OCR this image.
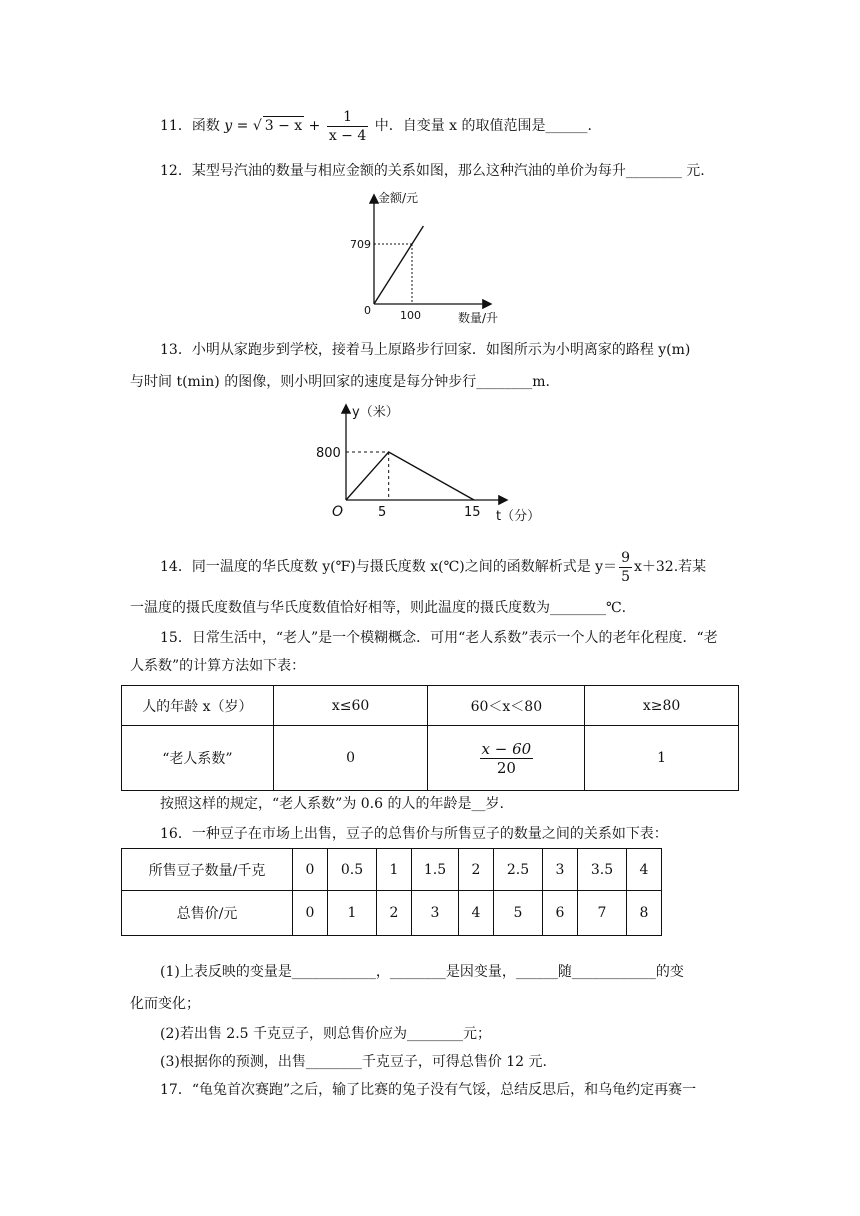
11．函数 y = √ $3 - x + \frac{1}{x - 4}$ 中．自变量 x 的取值范围是______.
12．某型号汽油的数量与相应金额的关系如图，那么这种汽油的单价为每升________ 元.
金额/元
数量/升
709
100
0
13．小明从家跑步到学校，接着马上原路步行回家．如图所示为小明离家的路程 y(m)
与时间 t(min) 的图像，则小明回家的速度是每分钟步行________m.
y（米）
t（分）
800
5	15
O
14．同一温度的华氏度数 y(℉)与摄氏度数 x(℃)之间的函数解析式是 $y= \frac{9}{5} x+32$.若某
一温度的摄氏度数值与华氏度数值恰好相等，则此温度的摄氏度数为________℃.
15．日常生活中，“老人”是一个模糊概念．可用“老人系数”表示一个人的老年化程度．“老
人系数”的计算方法如下表：
人的年龄 x（岁）	x≤60	60＜x＜80	x≥80
“老人系数”	0	$\frac{x - 60}{20}$	1
按照这样的规定，“老人系数”为 0.6 的人的年龄是__岁.
16．一种豆子在市场上出售，豆子的总售价与所售豆子的数量之间的关系如下表：
所售豆子数量/千克	0	0.5	1	1.5	2	2.5	3	3.5	4
总售价/元	0	1	2	3	4	5	6	7	8
(1)上表反映的变量是____________，________是因变量，______随____________的变
化而变化；
(2)若出售 2.5 千克豆子，则总售价应为________元；
(3)根据你的预测，出售________千克豆子，可得总售价 12 元.
17．“龟兔首次赛跑”之后，输了比赛的兔子没有气馁，总结反思后，和乌龟约定再赛一
